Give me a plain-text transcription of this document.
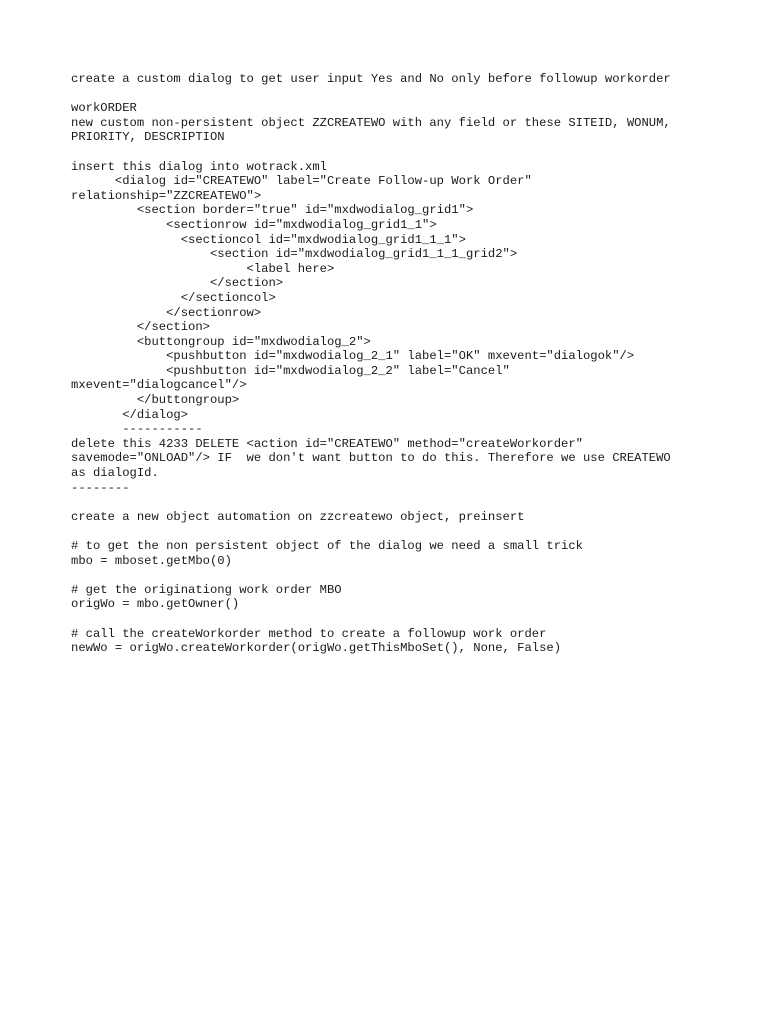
create a custom dialog to get user input Yes and No only before followup workorder
workORDER
new custom non-persistent object ZZCREATEWO with any field or these SITEID, WONUM,
PRIORITY, DESCRIPTION
insert this dialog into wotrack.xml
<dialog id="CREATEWO" label="Create Follow-up Work Order"
relationship="ZZCREATEWO">
<section border="true" id="mxdwodialog_grid1">
<sectionrow id="mxdwodialog_grid1_1">
<sectioncol id="mxdwodialog_grid1_1_1">
<section id="mxdwodialog_grid1_1_1_grid2">
<label here>
</section>
</sectioncol>
</sectionrow>
</section>
<buttongroup id="mxdwodialog_2">
<pushbutton id="mxdwodialog_2_1" label="OK" mxevent="dialogok"/>
<pushbutton id="mxdwodialog_2_2" label="Cancel"
mxevent="dialogcancel"/>
</buttongroup>
</dialog>
-----------
delete this 4233 DELETE <action id="CREATEWO" method="createWorkorder"
savemode="ONLOAD"/> IF  we don't want button to do this. Therefore we use CREATEWO
as dialogId.
--------
create a new object automation on zzcreatewo object, preinsert
# to get the non persistent object of the dialog we need a small trick
mbo = mboset.getMbo(0)
# get the originationg work order MBO
origWo = mbo.getOwner()
# call the createWorkorder method to create a followup work order
newWo = origWo.createWorkorder(origWo.getThisMboSet(), None, False)
